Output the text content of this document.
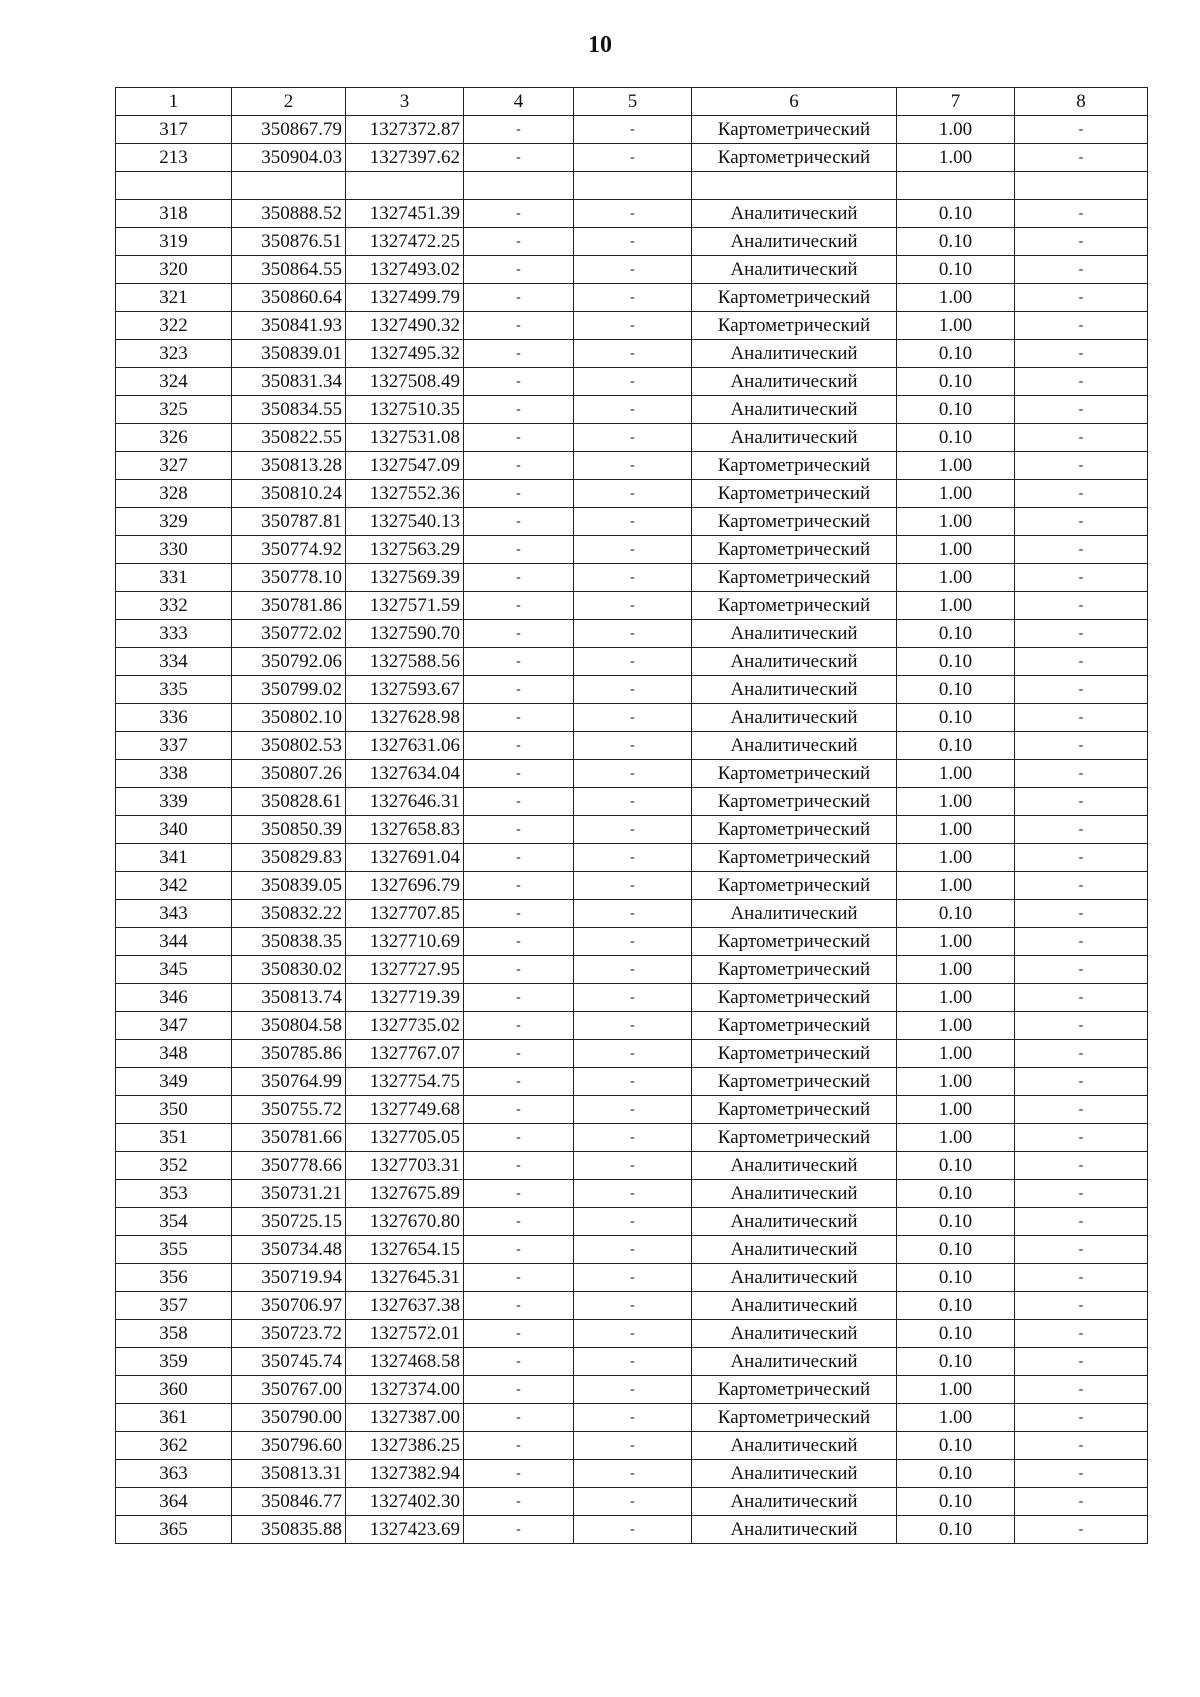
10
1	2	3	4	5	6	7	8
317	350867.79	1327372.87	-	-	Картометрический	1.00	-
213	350904.03	1327397.62	-	-	Картометрический	1.00	-

318	350888.52	1327451.39	-	-	Аналитический	0.10	-
319	350876.51	1327472.25	-	-	Аналитический	0.10	-
320	350864.55	1327493.02	-	-	Аналитический	0.10	-
321	350860.64	1327499.79	-	-	Картометрический	1.00	-
322	350841.93	1327490.32	-	-	Картометрический	1.00	-
323	350839.01	1327495.32	-	-	Аналитический	0.10	-
324	350831.34	1327508.49	-	-	Аналитический	0.10	-
325	350834.55	1327510.35	-	-	Аналитический	0.10	-
326	350822.55	1327531.08	-	-	Аналитический	0.10	-
327	350813.28	1327547.09	-	-	Картометрический	1.00	-
328	350810.24	1327552.36	-	-	Картометрический	1.00	-
329	350787.81	1327540.13	-	-	Картометрический	1.00	-
330	350774.92	1327563.29	-	-	Картометрический	1.00	-
331	350778.10	1327569.39	-	-	Картометрический	1.00	-
332	350781.86	1327571.59	-	-	Картометрический	1.00	-
333	350772.02	1327590.70	-	-	Аналитический	0.10	-
334	350792.06	1327588.56	-	-	Аналитический	0.10	-
335	350799.02	1327593.67	-	-	Аналитический	0.10	-
336	350802.10	1327628.98	-	-	Аналитический	0.10	-
337	350802.53	1327631.06	-	-	Аналитический	0.10	-
338	350807.26	1327634.04	-	-	Картометрический	1.00	-
339	350828.61	1327646.31	-	-	Картометрический	1.00	-
340	350850.39	1327658.83	-	-	Картометрический	1.00	-
341	350829.83	1327691.04	-	-	Картометрический	1.00	-
342	350839.05	1327696.79	-	-	Картометрический	1.00	-
343	350832.22	1327707.85	-	-	Аналитический	0.10	-
344	350838.35	1327710.69	-	-	Картометрический	1.00	-
345	350830.02	1327727.95	-	-	Картометрический	1.00	-
346	350813.74	1327719.39	-	-	Картометрический	1.00	-
347	350804.58	1327735.02	-	-	Картометрический	1.00	-
348	350785.86	1327767.07	-	-	Картометрический	1.00	-
349	350764.99	1327754.75	-	-	Картометрический	1.00	-
350	350755.72	1327749.68	-	-	Картометрический	1.00	-
351	350781.66	1327705.05	-	-	Картометрический	1.00	-
352	350778.66	1327703.31	-	-	Аналитический	0.10	-
353	350731.21	1327675.89	-	-	Аналитический	0.10	-
354	350725.15	1327670.80	-	-	Аналитический	0.10	-
355	350734.48	1327654.15	-	-	Аналитический	0.10	-
356	350719.94	1327645.31	-	-	Аналитический	0.10	-
357	350706.97	1327637.38	-	-	Аналитический	0.10	-
358	350723.72	1327572.01	-	-	Аналитический	0.10	-
359	350745.74	1327468.58	-	-	Аналитический	0.10	-
360	350767.00	1327374.00	-	-	Картометрический	1.00	-
361	350790.00	1327387.00	-	-	Картометрический	1.00	-
362	350796.60	1327386.25	-	-	Аналитический	0.10	-
363	350813.31	1327382.94	-	-	Аналитический	0.10	-
364	350846.77	1327402.30	-	-	Аналитический	0.10	-
365	350835.88	1327423.69	-	-	Аналитический	0.10	-
